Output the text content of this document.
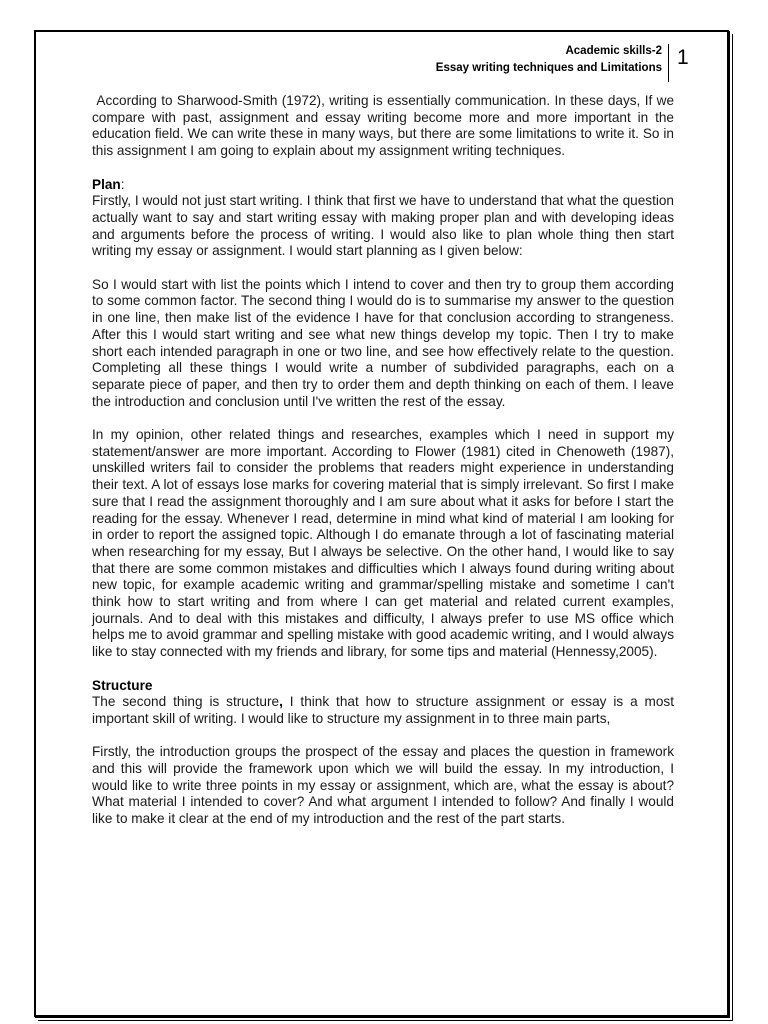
Academic skills-2
Essay writing techniques and Limitations 1

According to Sharwood-Smith (1972), writing is essentially communication. In these days, If we compare with past, assignment and essay writing become more and more important in the education field. We can write these in many ways, but there are some limitations to write it. So in this assignment I am going to explain about my assignment writing techniques.

Plan:

Firstly, I would not just start writing. I think that first we have to understand that what the question actually want to say and start writing essay with making proper plan and with developing ideas and arguments before the process of writing. I would also like to plan whole thing then start writing my essay or assignment. I would start planning as I given below:

So I would start with list the points which I intend to cover and then try to group them according to some common factor. The second thing I would do is to summarise my answer to the question in one line, then make list of the evidence I have for that conclusion according to strangeness. After this I would start writing and see what new things develop my topic. Then I try to make short each intended paragraph in one or two line, and see how effectively relate to the question. Completing all these things I would write a number of subdivided paragraphs, each on a separate piece of paper, and then try to order them and depth thinking on each of them. I leave the introduction and conclusion until I've written the rest of the essay.

In my opinion, other related things and researches, examples which I need in support my statement/answer are more important. According to Flower (1981) cited in Chenoweth (1987), unskilled writers fail to consider the problems that readers might experience in understanding their text. A lot of essays lose marks for covering material that is simply irrelevant. So first I make sure that I read the assignment thoroughly and I am sure about what it asks for before I start the reading for the essay. Whenever I read, determine in mind what kind of material I am looking for in order to report the assigned topic. Although I do emanate through a lot of fascinating material when researching for my essay, But I always be selective. On the other hand, I would like to say that there are some common mistakes and difficulties which I always found during writing about new topic, for example academic writing and grammar/spelling mistake and sometime I can't think how to start writing and from where I can get material and related current examples, journals. And to deal with this mistakes and difficulty, I always prefer to use MS office which helps me to avoid grammar and spelling mistake with good academic writing, and I would always like to stay connected with my friends and library, for some tips and material (Hennessy,2005).

Structure

The second thing is structure, I think that how to structure assignment or essay is a most important skill of writing. I would like to structure my assignment in to three main parts,

Firstly, the introduction groups the prospect of the essay and places the question in framework and this will provide the framework upon which we will build the essay. In my introduction, I would like to write three points in my essay or assignment, which are, what the essay is about? What material I intended to cover? And what argument I intended to follow? And finally I would like to make it clear at the end of my introduction and the rest of the part starts.
